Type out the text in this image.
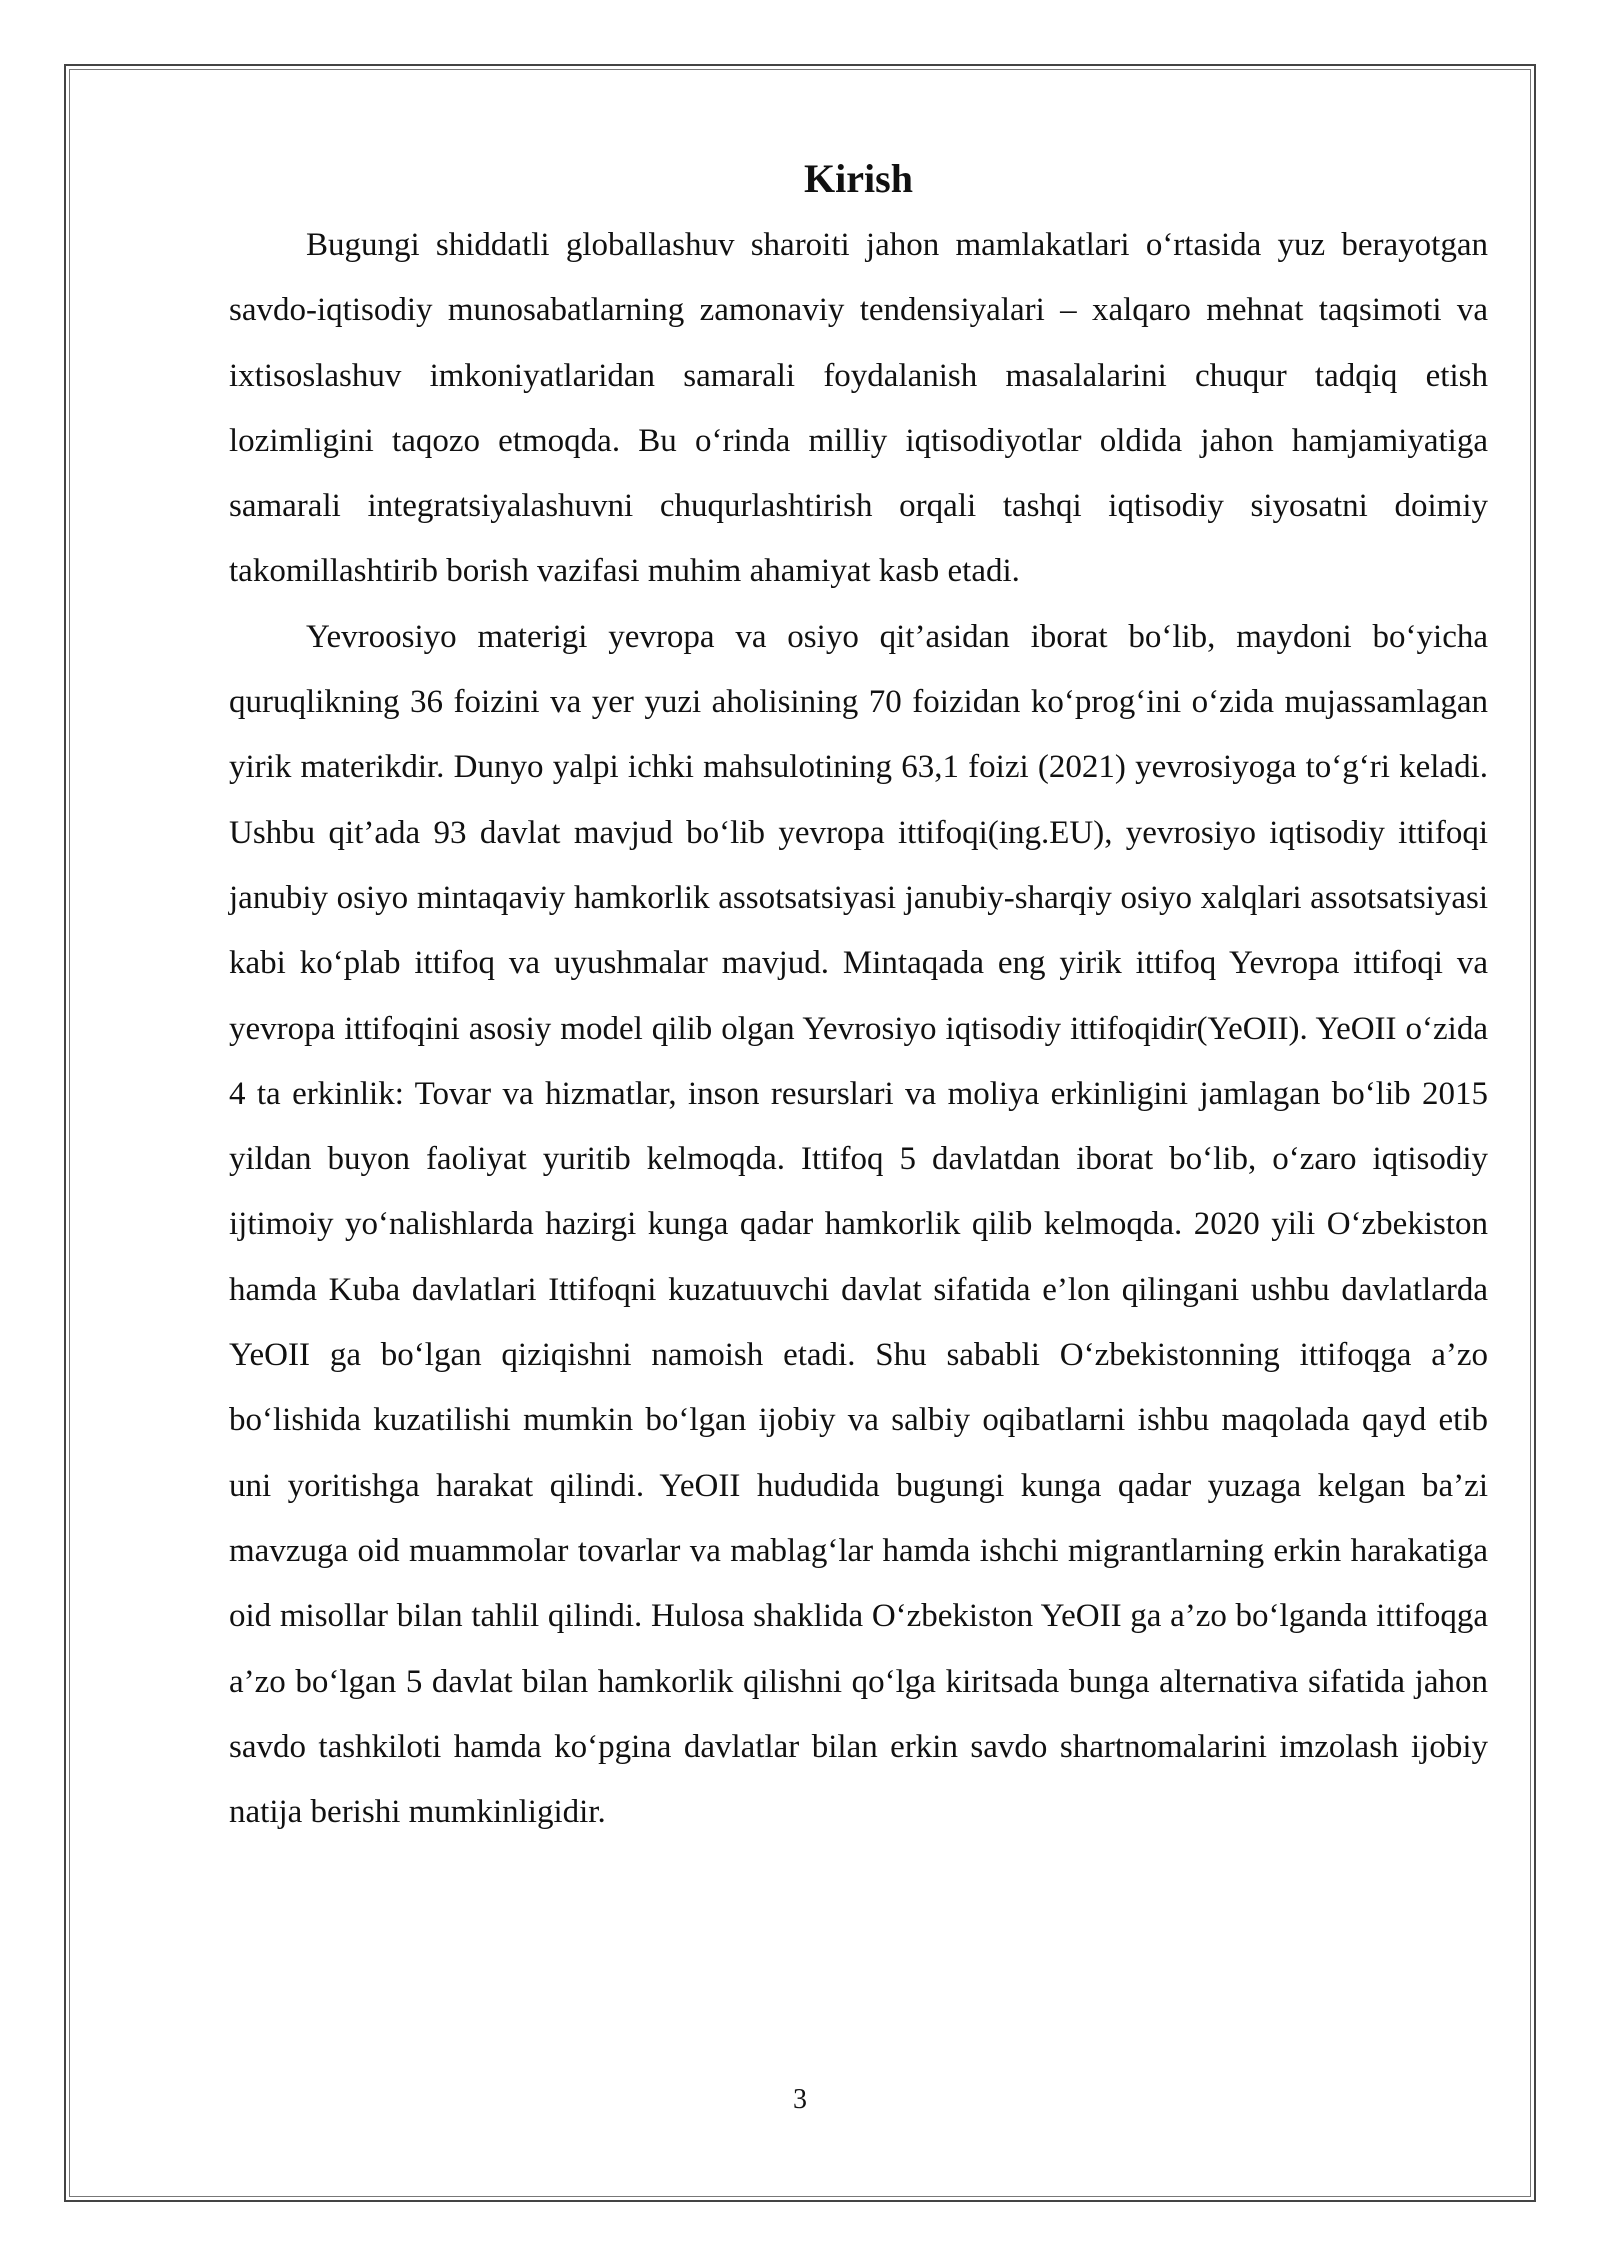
Kirish

Bugungi shiddatli globallashuv sharoiti jahon mamlakatlari o‘rtasida yuz berayotgan savdo-iqtisodiy munosabatlarning zamonaviy tendensiyalari – xalqaro mehnat taqsimoti va ixtisoslashuv imkoniyatlaridan samarali foydalanish masalalarini chuqur tadqiq etish lozimligini taqozo etmoqda. Bu o‘rinda milliy iqtisodiyotlar oldida jahon hamjamiyatiga samarali integratsiyalashuvni chuqurlashtirish orqali tashqi iqtisodiy siyosatni doimiy takomillashtirib borish vazifasi muhim ahamiyat kasb etadi.

Yevroosiyo materigi yevropa va osiyo qit’asidan iborat bo‘lib, maydoni bo‘yicha quruqlikning 36 foizini va yer yuzi aholisining 70 foizidan ko‘prog‘ini o‘zida mujassamlagan yirik materikdir. Dunyo yalpi ichki mahsulotining 63,1 foizi (2021) yevrosiyoga to‘g‘ri keladi. Ushbu qit’ada 93 davlat mavjud bo‘lib yevropa ittifoqi(ing.EU), yevrosiyo iqtisodiy ittifoqi janubiy osiyo mintaqaviy hamkorlik assotsatsiyasi janubiy-sharqiy osiyo xalqlari assotsatsiyasi kabi ko‘plab ittifoq va uyushmalar mavjud. Mintaqada eng yirik ittifoq Yevropa ittifoqi va yevropa ittifoqini asosiy model qilib olgan Yevrosiyo iqtisodiy ittifoqidir(YeOII). YeOII o‘zida 4 ta erkinlik: Tovar va hizmatlar, inson resurslari va moliya erkinligini jamlagan bo‘lib 2015 yildan buyon faoliyat yuritib kelmoqda. Ittifoq 5 davlatdan iborat bo‘lib, o‘zaro iqtisodiy ijtimoiy yo‘nalishlarda hazirgi kunga qadar hamkorlik qilib kelmoqda. 2020 yili O‘zbekiston hamda Kuba davlatlari Ittifoqni kuzatuuvchi davlat sifatida e’lon qilingani ushbu davlatlarda YeOII ga bo‘lgan qiziqishni namoish etadi. Shu sababli O‘zbekistonning ittifoqga a’zo bo‘lishida kuzatilishi mumkin bo‘lgan ijobiy va salbiy oqibatlarni ishbu maqolada qayd etib uni yoritishga harakat qilindi. YeOII hududida bugungi kunga qadar yuzaga kelgan ba’zi mavzuga oid muammolar tovarlar va mablag‘lar hamda ishchi migrantlarning erkin harakatiga oid misollar bilan tahlil qilindi. Hulosa shaklida O‘zbekiston YeOII ga a’zo bo‘lganda ittifoqga a’zo bo‘lgan 5 davlat bilan hamkorlik qilishni qo‘lga kiritsada bunga alternativa sifatida jahon savdo tashkiloti hamda ko‘pgina davlatlar bilan erkin savdo shartnomalarini imzolash ijobiy natija berishi mumkinligidir.

3
